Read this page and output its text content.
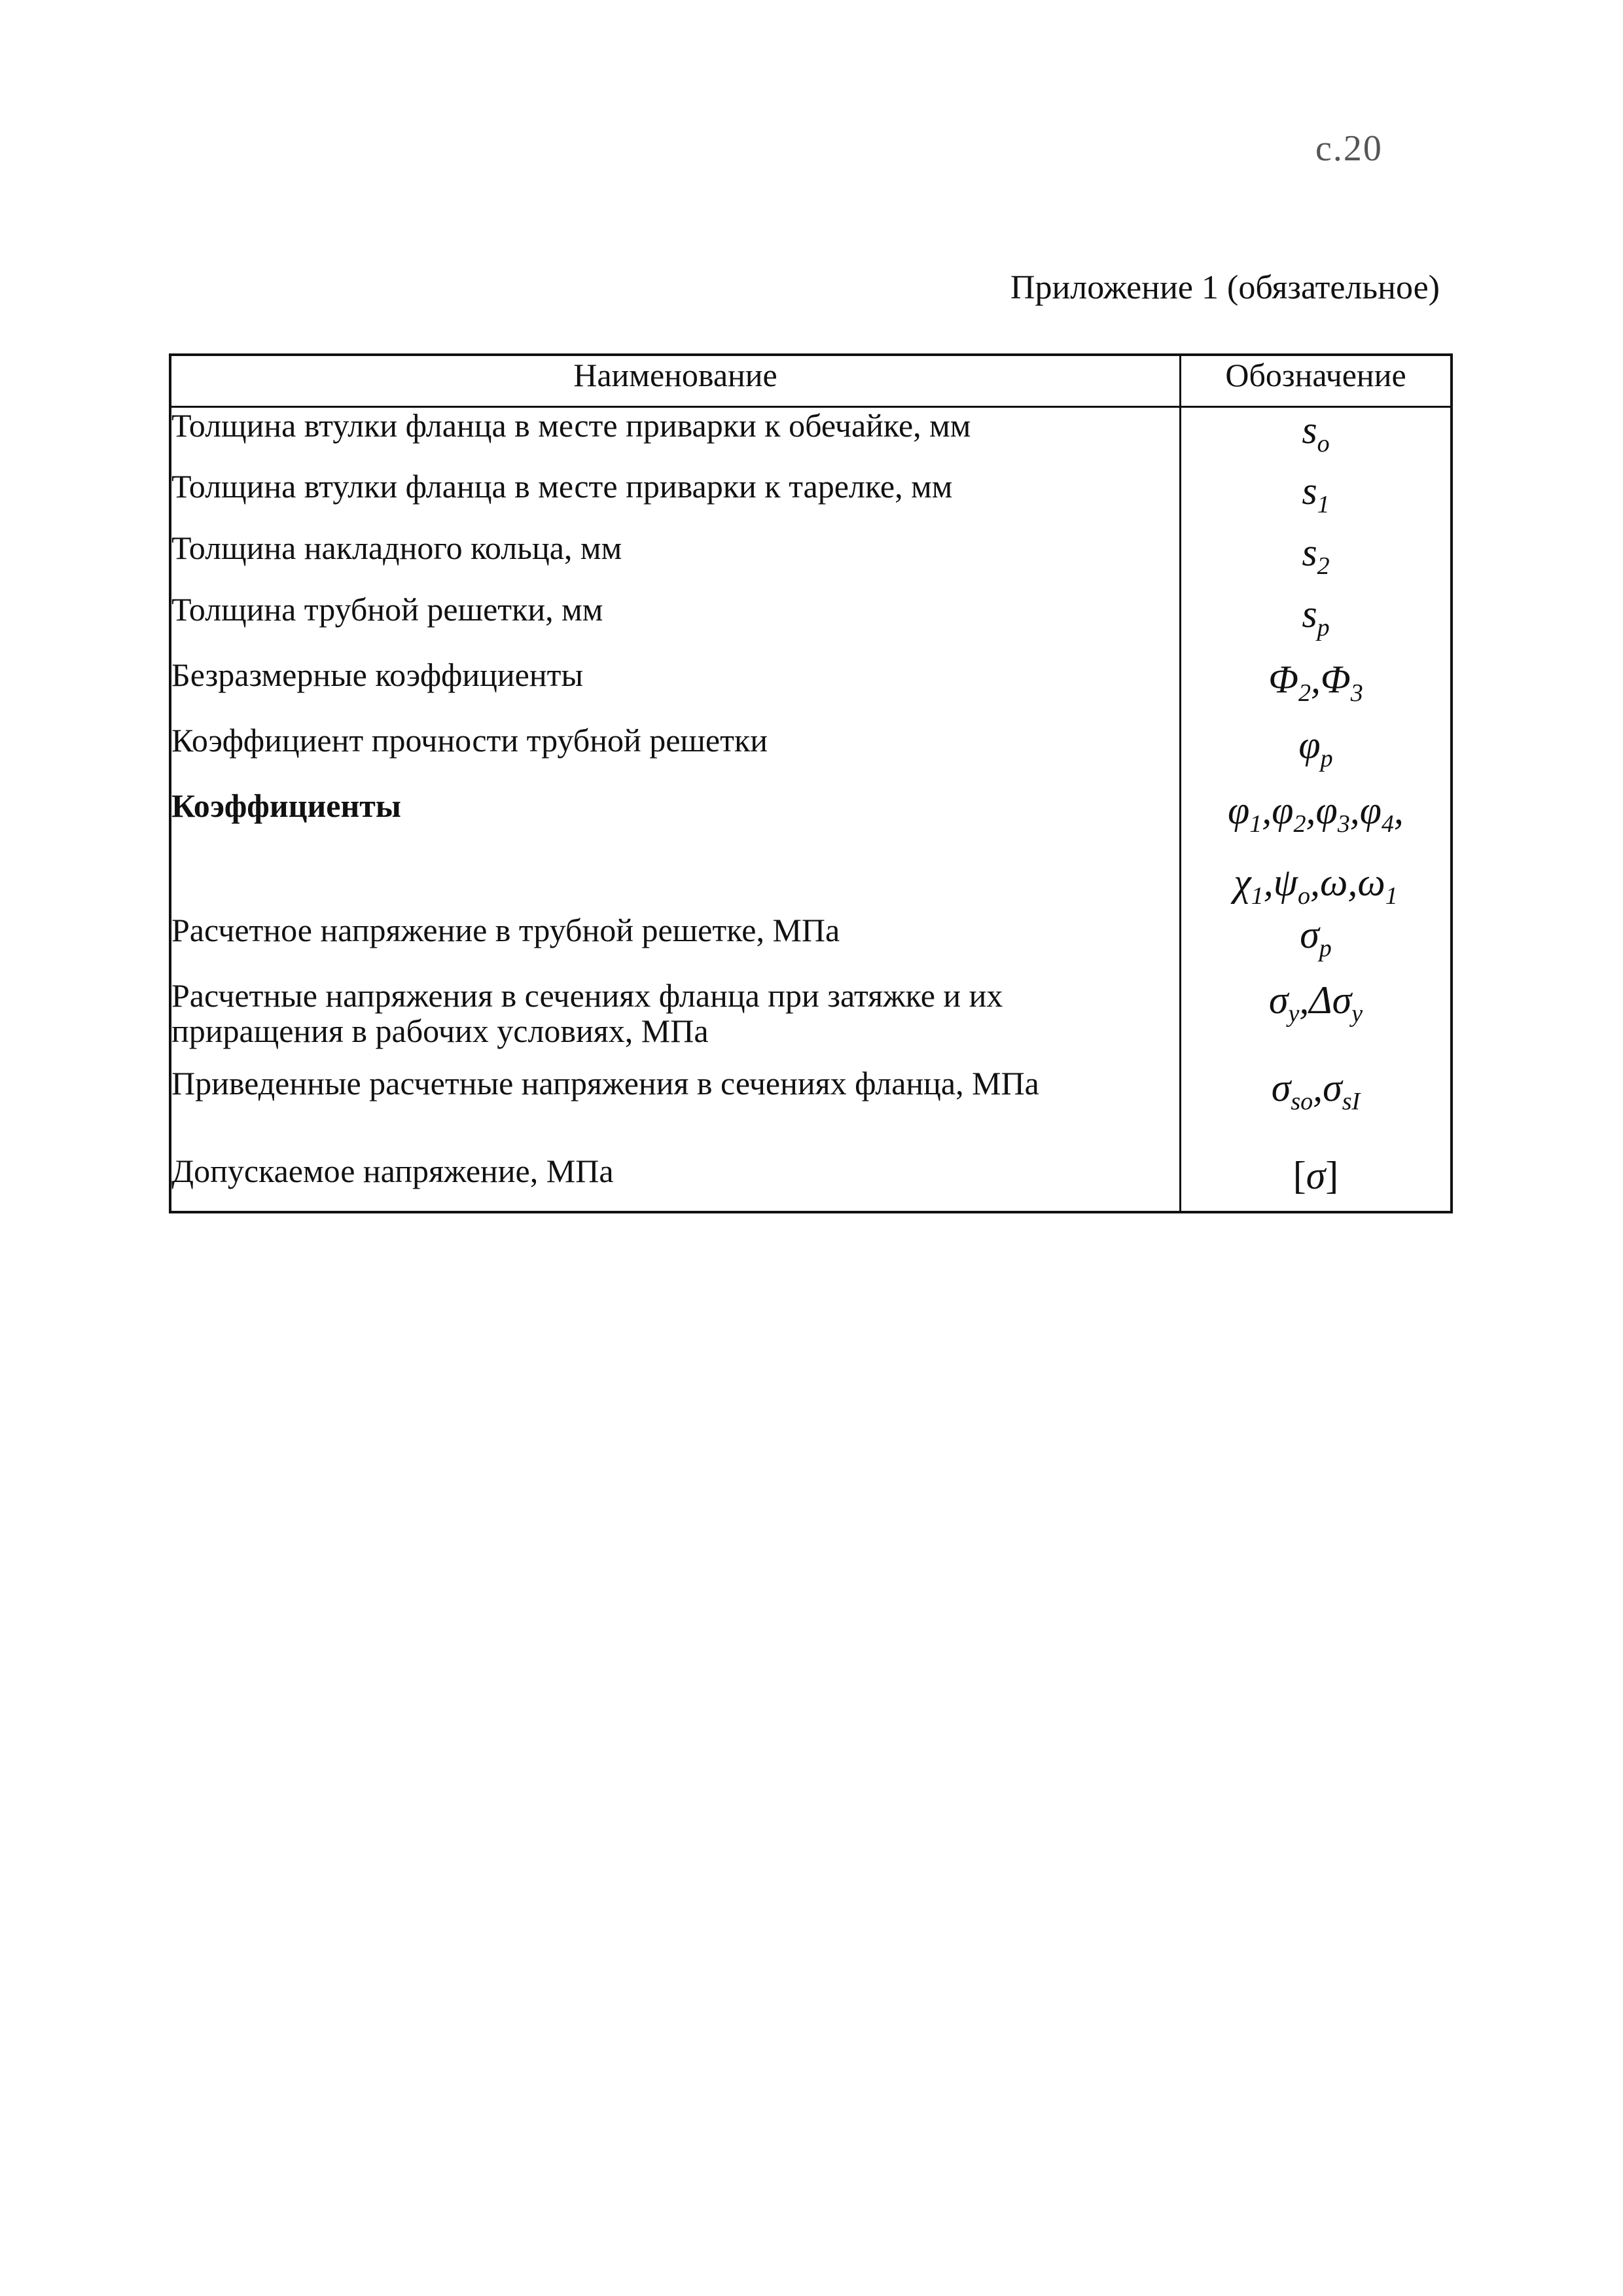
c.20
Приложение 1 (обязательное)
Наименование	Обозначение
Толщина втулки фланца в месте приварки к обечайке, мм	$s_o$
Толщина втулки фланца в месте приварки к тарелке, мм	$s_1$
Толщина накладного кольца, мм	$s_2$
Толщина трубной решетки, мм	$s_p$
Безразмерные коэффициенты	$\Phi_2,\Phi_3$
Коэффициент прочности трубной решетки	$\varphi_p$
Коэффициенты	$\varphi_1,\varphi_2,\varphi_3,\varphi_4$,
	$\chi_1,\psi_o,\omega,\omega_1$
Расчетное напряжение в трубной решетке, МПа	$\sigma_p$
Расчетные напряжения в сечениях фланца при затяжке и их приращения в рабочих условиях, МПа	$\sigma_y,\Delta\sigma_y$
Приведенные расчетные напряжения в сечениях фланца, МПа	$\sigma_{so},\sigma_{sI}$
Допускаемое напряжение, МПа	[σ]
